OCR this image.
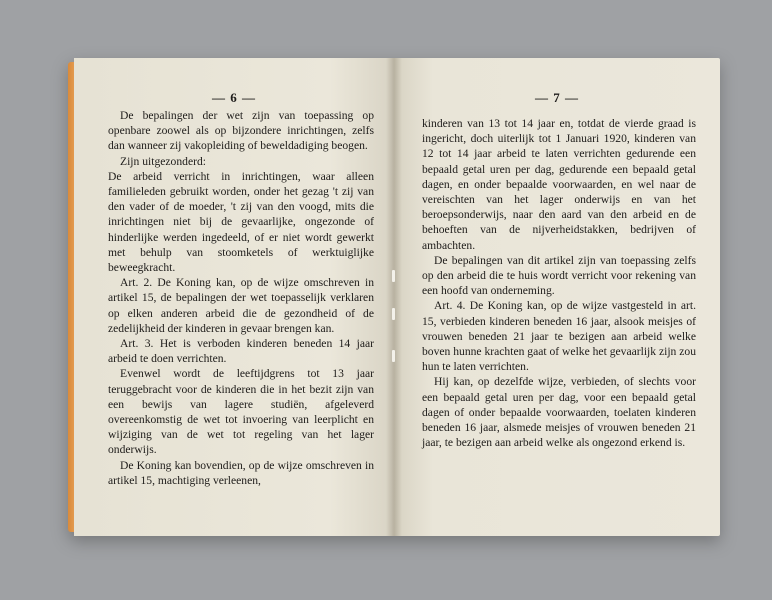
— 6 —

De bepalingen der wet zijn van toepassing op openbare zoowel als op bijzondere inrichtingen, zelfs dan wanneer zij vakopleiding of beweldadiging beogen.

Zijn uitgezonderd:

De arbeid verricht in inrichtingen, waar alleen familieleden gebruikt worden, onder het gezag 't zij van den vader of de moeder, 't zij van den voogd, mits die inrichtingen niet bij de gevaarlijke, ongezonde of hinderlijke werden ingedeeld, of er niet wordt gewerkt met behulp van stoomketels of werktuiglijke beweegkracht.

Art. 2. De Koning kan, op de wijze omschreven in artikel 15, de bepalingen der wet toepasselijk verklaren op elken anderen arbeid die de gezondheid of de zedelijkheid der kinderen in gevaar brengen kan.

Art. 3. Het is verboden kinderen beneden 14 jaar arbeid te doen verrichten.

Evenwel wordt de leeftijdgrens tot 13 jaar teruggebracht voor de kinderen die in het bezit zijn van een bewijs van lagere studiën, afgeleverd overeenkomstig de wet tot invoering van leerplicht en wijziging van de wet tot regeling van het lager onderwijs.

De Koning kan bovendien, op de wijze omschreven in artikel 15, machtiging verleenen,

— 7 —

kinderen van 13 tot 14 jaar en, totdat de vierde graad is ingericht, doch uiterlijk tot 1 Januari 1920, kinderen van 12 tot 14 jaar arbeid te laten verrichten gedurende een bepaald getal uren per dag, gedurende een bepaald getal dagen, en onder bepaalde voorwaarden, en wel naar de vereischten van het lager onderwijs en van het beroepsonderwijs, naar den aard van den arbeid en de behoeften van de nijverheidstakken, bedrijven of ambachten.

De bepalingen van dit artikel zijn van toepassing zelfs op den arbeid die te huis wordt verricht voor rekening van een hoofd van onderneming.

Art. 4. De Koning kan, op de wijze vastgesteld in art. 15, verbieden kinderen beneden 16 jaar, alsook meisjes of vrouwen beneden 21 jaar te bezigen aan arbeid welke boven hunne krachten gaat of welke het gevaarlijk zijn zou hun te laten verrichten.

Hij kan, op dezelfde wijze, verbieden, of slechts voor een bepaald getal uren per dag, voor een bepaald getal dagen of onder bepaalde voorwaarden, toelaten kinderen beneden 16 jaar, alsmede meisjes of vrouwen beneden 21 jaar, te bezigen aan arbeid welke als ongezond erkend is.
